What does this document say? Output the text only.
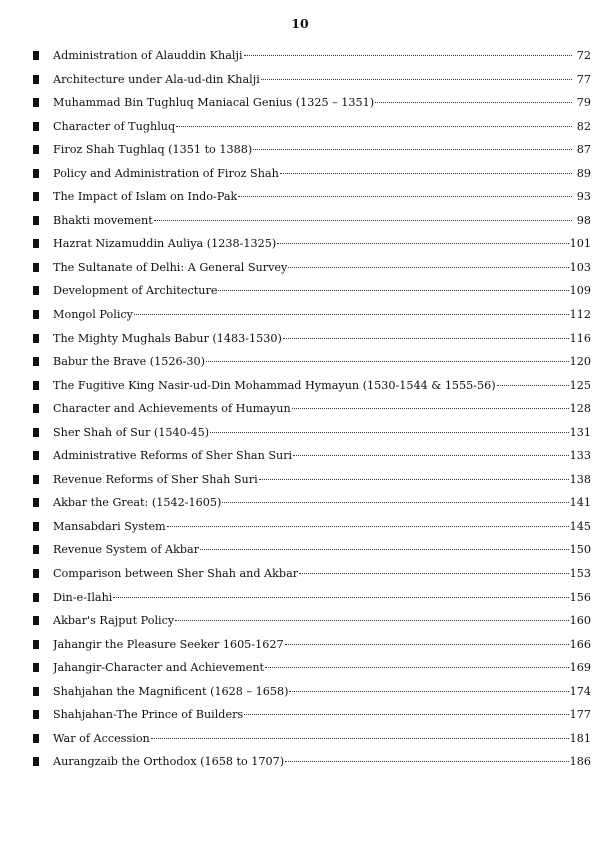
10
Administration of Alauddin Khalji	72
Architecture under Ala-ud-din Khalji	77
Muhammad Bin Tughluq Maniacal Genius (1325 – 1351)	79
Character of Tughluq	82
Firoz Shah Tughlaq (1351 to 1388)	87
Policy and Administration of Firoz Shah	89
The Impact of Islam on Indo-Pak	93
Bhakti movement	98
Hazrat Nizamuddin Auliya (1238-1325)	101
The Sultanate of Delhi: A General Survey	103
Development of Architecture	109
Mongol Policy	112
The Mighty Mughals Babur (1483-1530)	116
Babur the Brave (1526-30)	120
The Fugitive King Nasir-ud-Din Mohammad Hymayun (1530-1544 & 1555-56)	125
Character and Achievements of Humayun	128
Sher Shah of Sur (1540-45)	131
Administrative Reforms of Sher Shan Suri	133
Revenue Reforms of Sher Shah Suri	138
Akbar the Great: (1542-1605)	141
Mansabdari System	145
Revenue System of Akbar	150
Comparison between Sher Shah and Akbar	153
Din-e-Ilahi	156
Akbar's Rajput Policy	160
Jahangir the Pleasure Seeker 1605-1627	166
Jahangir-Character and Achievement	169
Shahjahan the Magnificent (1628 – 1658)	174
Shahjahan-The Prince of Builders	177
War of Accession	181
Aurangzaib the Orthodox (1658 to 1707)	186
